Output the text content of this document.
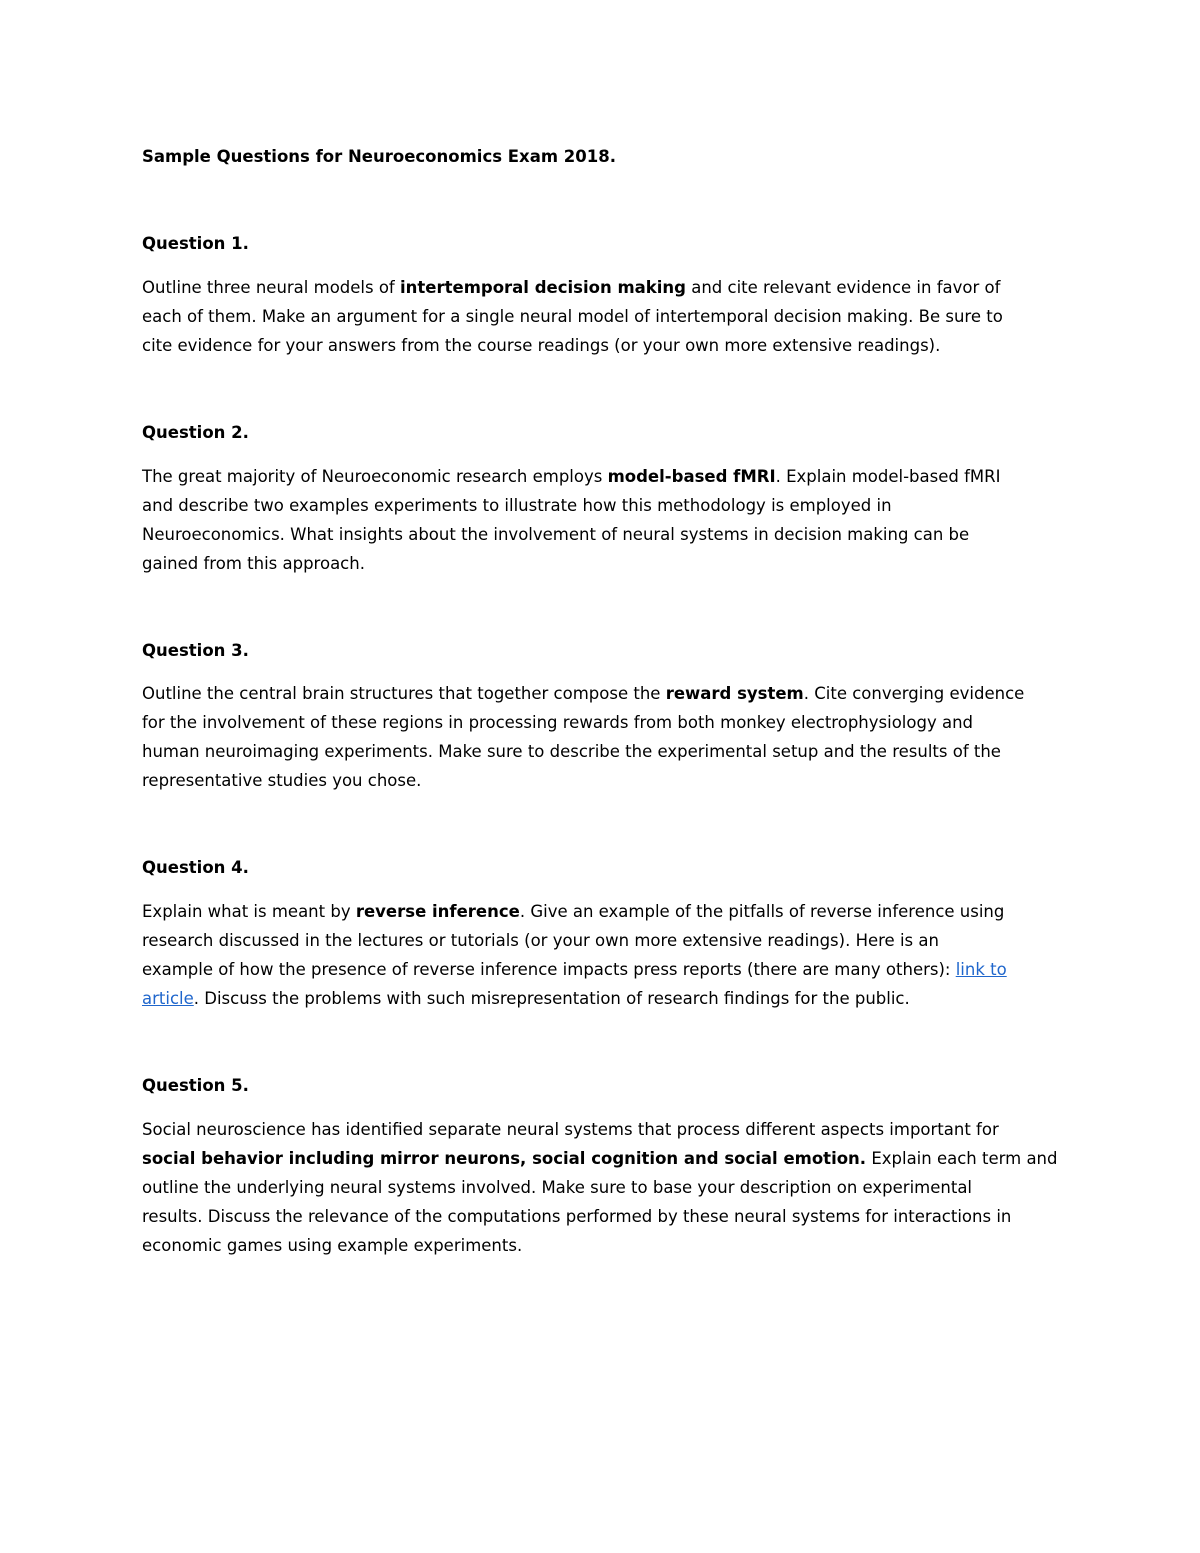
Sample Questions for Neuroeconomics Exam 2018.
Question 1.
Outline three neural models of intertemporal decision making and cite relevant evidence in favor of
each of them. Make an argument for a single neural model of intertemporal decision making. Be sure to
cite evidence for your answers from the course readings (or your own more extensive readings).
Question 2.
The great majority of Neuroeconomic research employs model-based fMRI. Explain model-based fMRI
and describe two examples experiments to illustrate how this methodology is employed in
Neuroeconomics. What insights about the involvement of neural systems in decision making can be
gained from this approach.
Question 3.
Outline the central brain structures that together compose the reward system. Cite converging evidence
for the involvement of these regions in processing rewards from both monkey electrophysiology and
human neuroimaging experiments. Make sure to describe the experimental setup and the results of the
representative studies you chose.
Question 4.
Explain what is meant by reverse inference. Give an example of the pitfalls of reverse inference using
research discussed in the lectures or tutorials (or your own more extensive readings). Here is an
example of how the presence of reverse inference impacts press reports (there are many others): link to
article. Discuss the problems with such misrepresentation of research findings for the public.
Question 5.
Social neuroscience has identified separate neural systems that process different aspects important for
social behavior including mirror neurons, social cognition and social emotion. Explain each term and
outline the underlying neural systems involved. Make sure to base your description on experimental
results. Discuss the relevance of the computations performed by these neural systems for interactions in
economic games using example experiments.
